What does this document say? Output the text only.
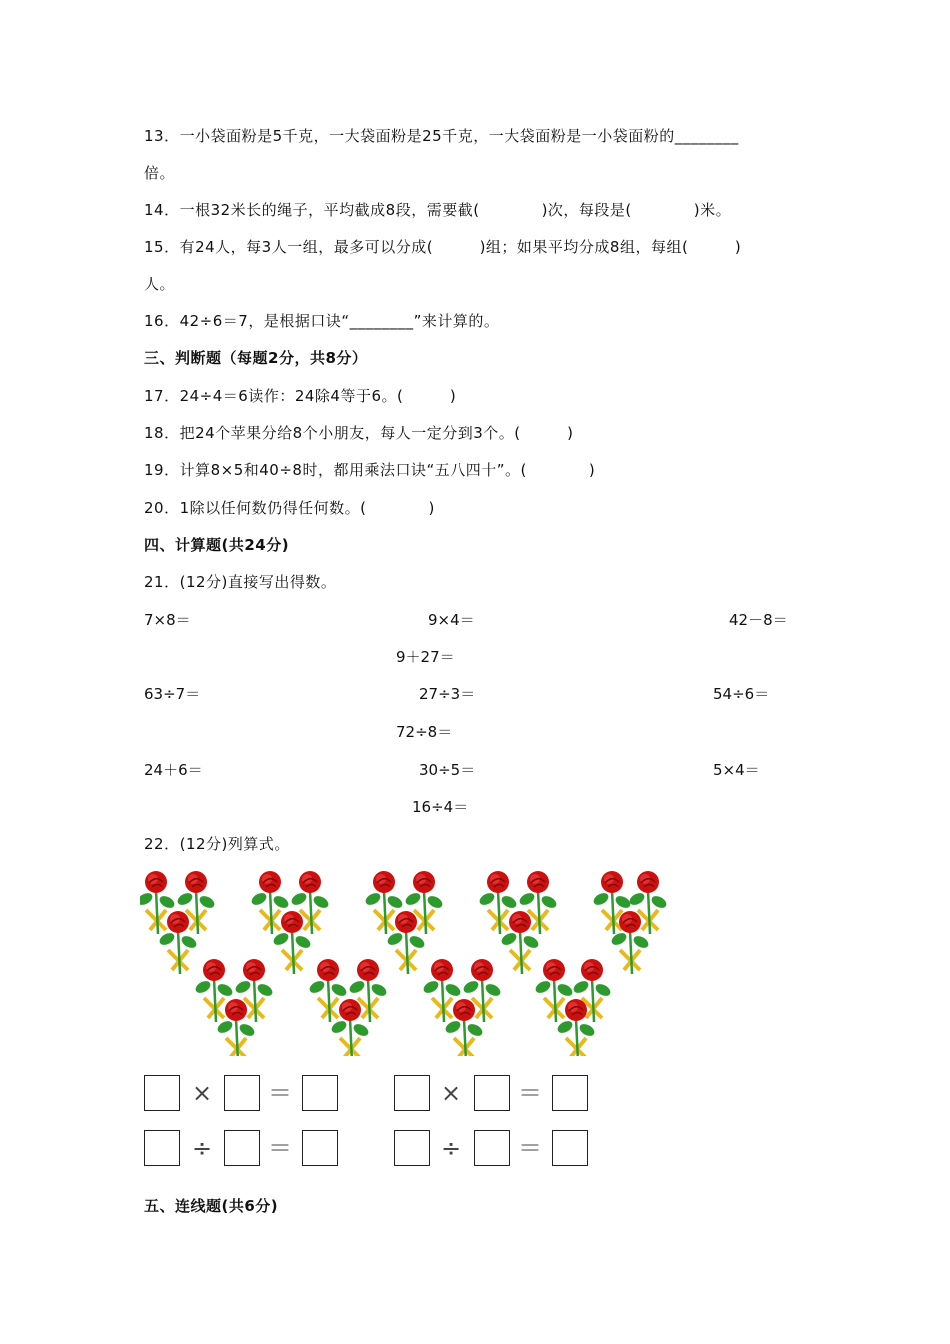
13．一小袋面粉是5千克，一大袋面粉是25千克，一大袋面粉是一小袋面粉的________
倍。
14．一根32米长的绳子，平均截成8段，需要截(　　　　)次，每段是(　　　　)米。
15．有24人，每3人一组，最多可以分成(　　　)组；如果平均分成8组，每组(　　　)
人。
16．42÷6＝7，是根据口诀“________”来计算的。
三、判断题（每题2分，共8分）
17．24÷4＝6读作：24除4等于6。(　　　)
18．把24个苹果分给8个小朋友，每人一定分到3个。(　　　)
19．计算8×5和40÷8时，都用乘法口诀“五八四十”。(　　　　)
20．1除以任何数仍得任何数。(　　　　)
四、计算题(共24分)
21．(12分)直接写出得数。
7×8＝	9×4＝	42－8＝
9＋27＝
63÷7＝	27÷3＝	54÷6＝
72÷8＝
24＋6＝	30÷5＝	5×4＝
16÷4＝
22．(12分)列算式。
×	＝	×	＝
÷	＝	÷	＝
五、连线题(共6分)
